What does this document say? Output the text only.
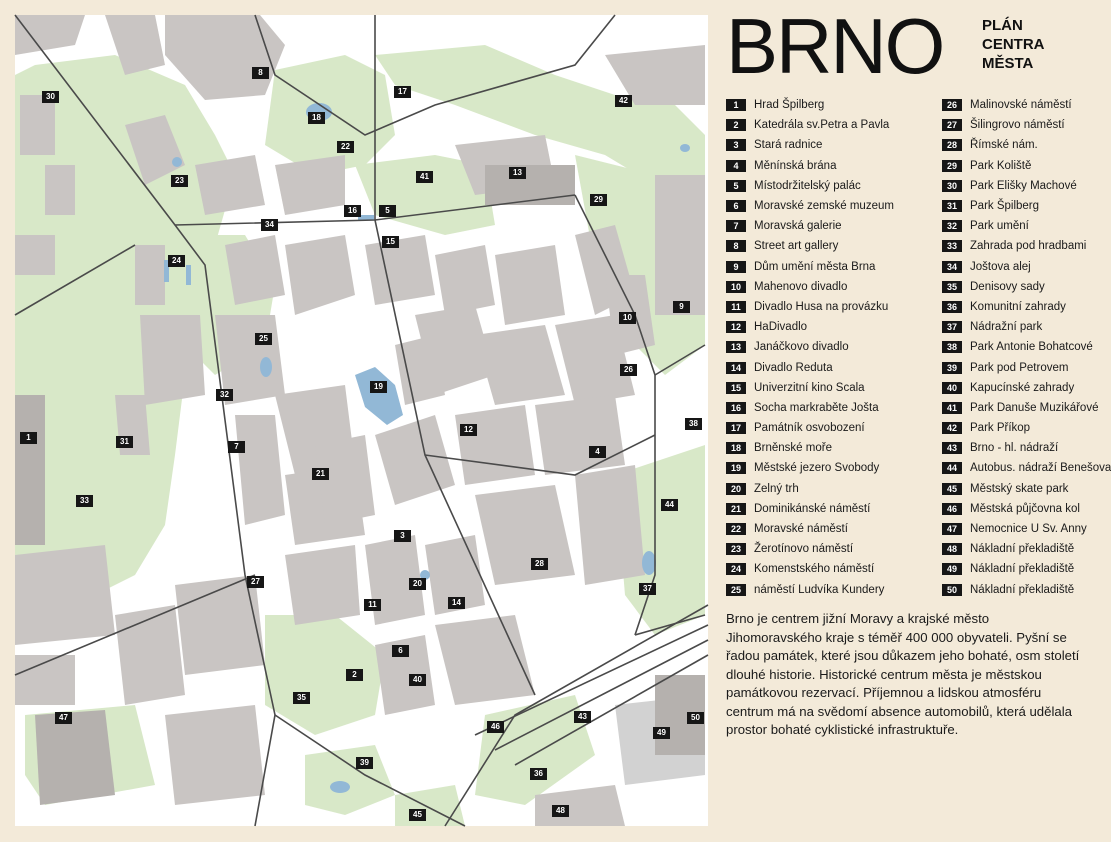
1
2
3
4
5
6
7
8
9
10
11
12
13
14
15
16
17
18
19
20
21
22
23
24
25
26
27
28
29
30
31
32
33
34
35
36
37
38
39
40
41
42
43
44
45
46
47
48
49
50
BRNO	PLÁN
CENTRA
MĚSTA
1	Hrad Špilberg
2	Katedrála sv.Petra a Pavla
3	Stará radnice
4	Měnínská brána
5	Místodržitelský palác
6	Moravské zemské muzeum
7	Moravská galerie
8	Street art gallery
9	Dům umění města Brna
10	Mahenovo divadlo
11	Divadlo Husa na provázku
12	HaDivadlo
13	Janáčkovo divadlo
14	Divadlo Reduta
15	Univerzitní kino Scala
16	Socha markraběte Jošta
17	Památník osvobození
18	Brněnské moře
19	Městské jezero Svobody
20	Zelný trh
21	Dominikánské náměstí
22	Moravské náměstí
23	Žerotínovo náměstí
24	Komenstského náměstí
25	náměstí Ludvíka Kundery
26	Malinovské náměstí
27	Šilingrovo náměstí
28	Římské nám.
29	Park Koliště
30	Park Elišky Machové
31	Park Špilberg
32	Park umění
33	Zahrada pod hradbami
34	Joštova alej
35	Denisovy sady
36	Komunitní zahrady
37	Nádražní park
38	Park Antonie Bohatcové
39	Park pod Petrovem
40	Kapucínské zahrady
41	Park Danuše Muzikářové
42	Park Příkop
43	Brno - hl. nádraží
44	Autobus. nádraží Benešova
45	Městský skate park
46	Městská půjčovna kol
47	Nemocnice U Sv. Anny
48	Nákladní překladiště
49	Nákladní překladiště
50	Nákladní překladiště
Brno je centrem jižní Moravy a krajské město Jihomoravského kraje s téměř 400 000 obyvateli. Pyšní se řadou památek, které jsou důkazem jeho bohaté, osm století dlouhé historie. Historické centrum města je městskou památkovou rezervací. Příjemnou a lidskou atmosféru centrum má na svědomí absence automobilů, která udělala prostor bohaté cyklistické infrastruktuře.
